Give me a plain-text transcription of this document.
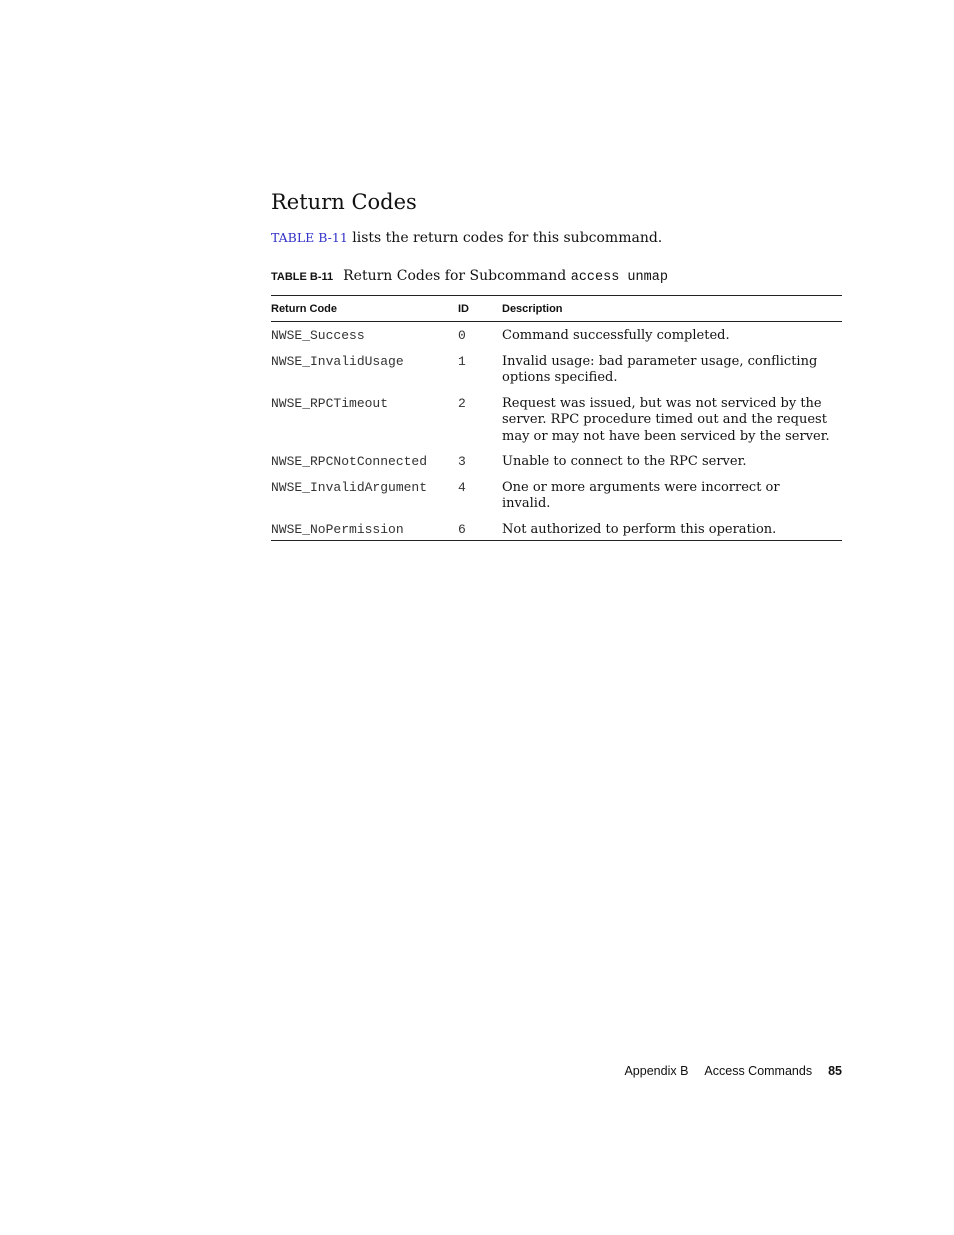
Return Codes

TABLE B-11 lists the return codes for this subcommand.

TABLE B-11 Return Codes for Subcommand access unmap

Return Code	ID	Description
NWSE_Success	0	Command successfully completed.
NWSE_InvalidUsage	1	Invalid usage: bad parameter usage, conflicting options specified.
NWSE_RPCTimeout	2	Request was issued, but was not serviced by the server. RPC procedure timed out and the request may or may not have been serviced by the server.
NWSE_RPCNotConnected	3	Unable to connect to the RPC server.
NWSE_InvalidArgument	4	One or more arguments were incorrect or invalid.
NWSE_NoPermission	6	Not authorized to perform this operation.

Appendix B Access Commands 85
